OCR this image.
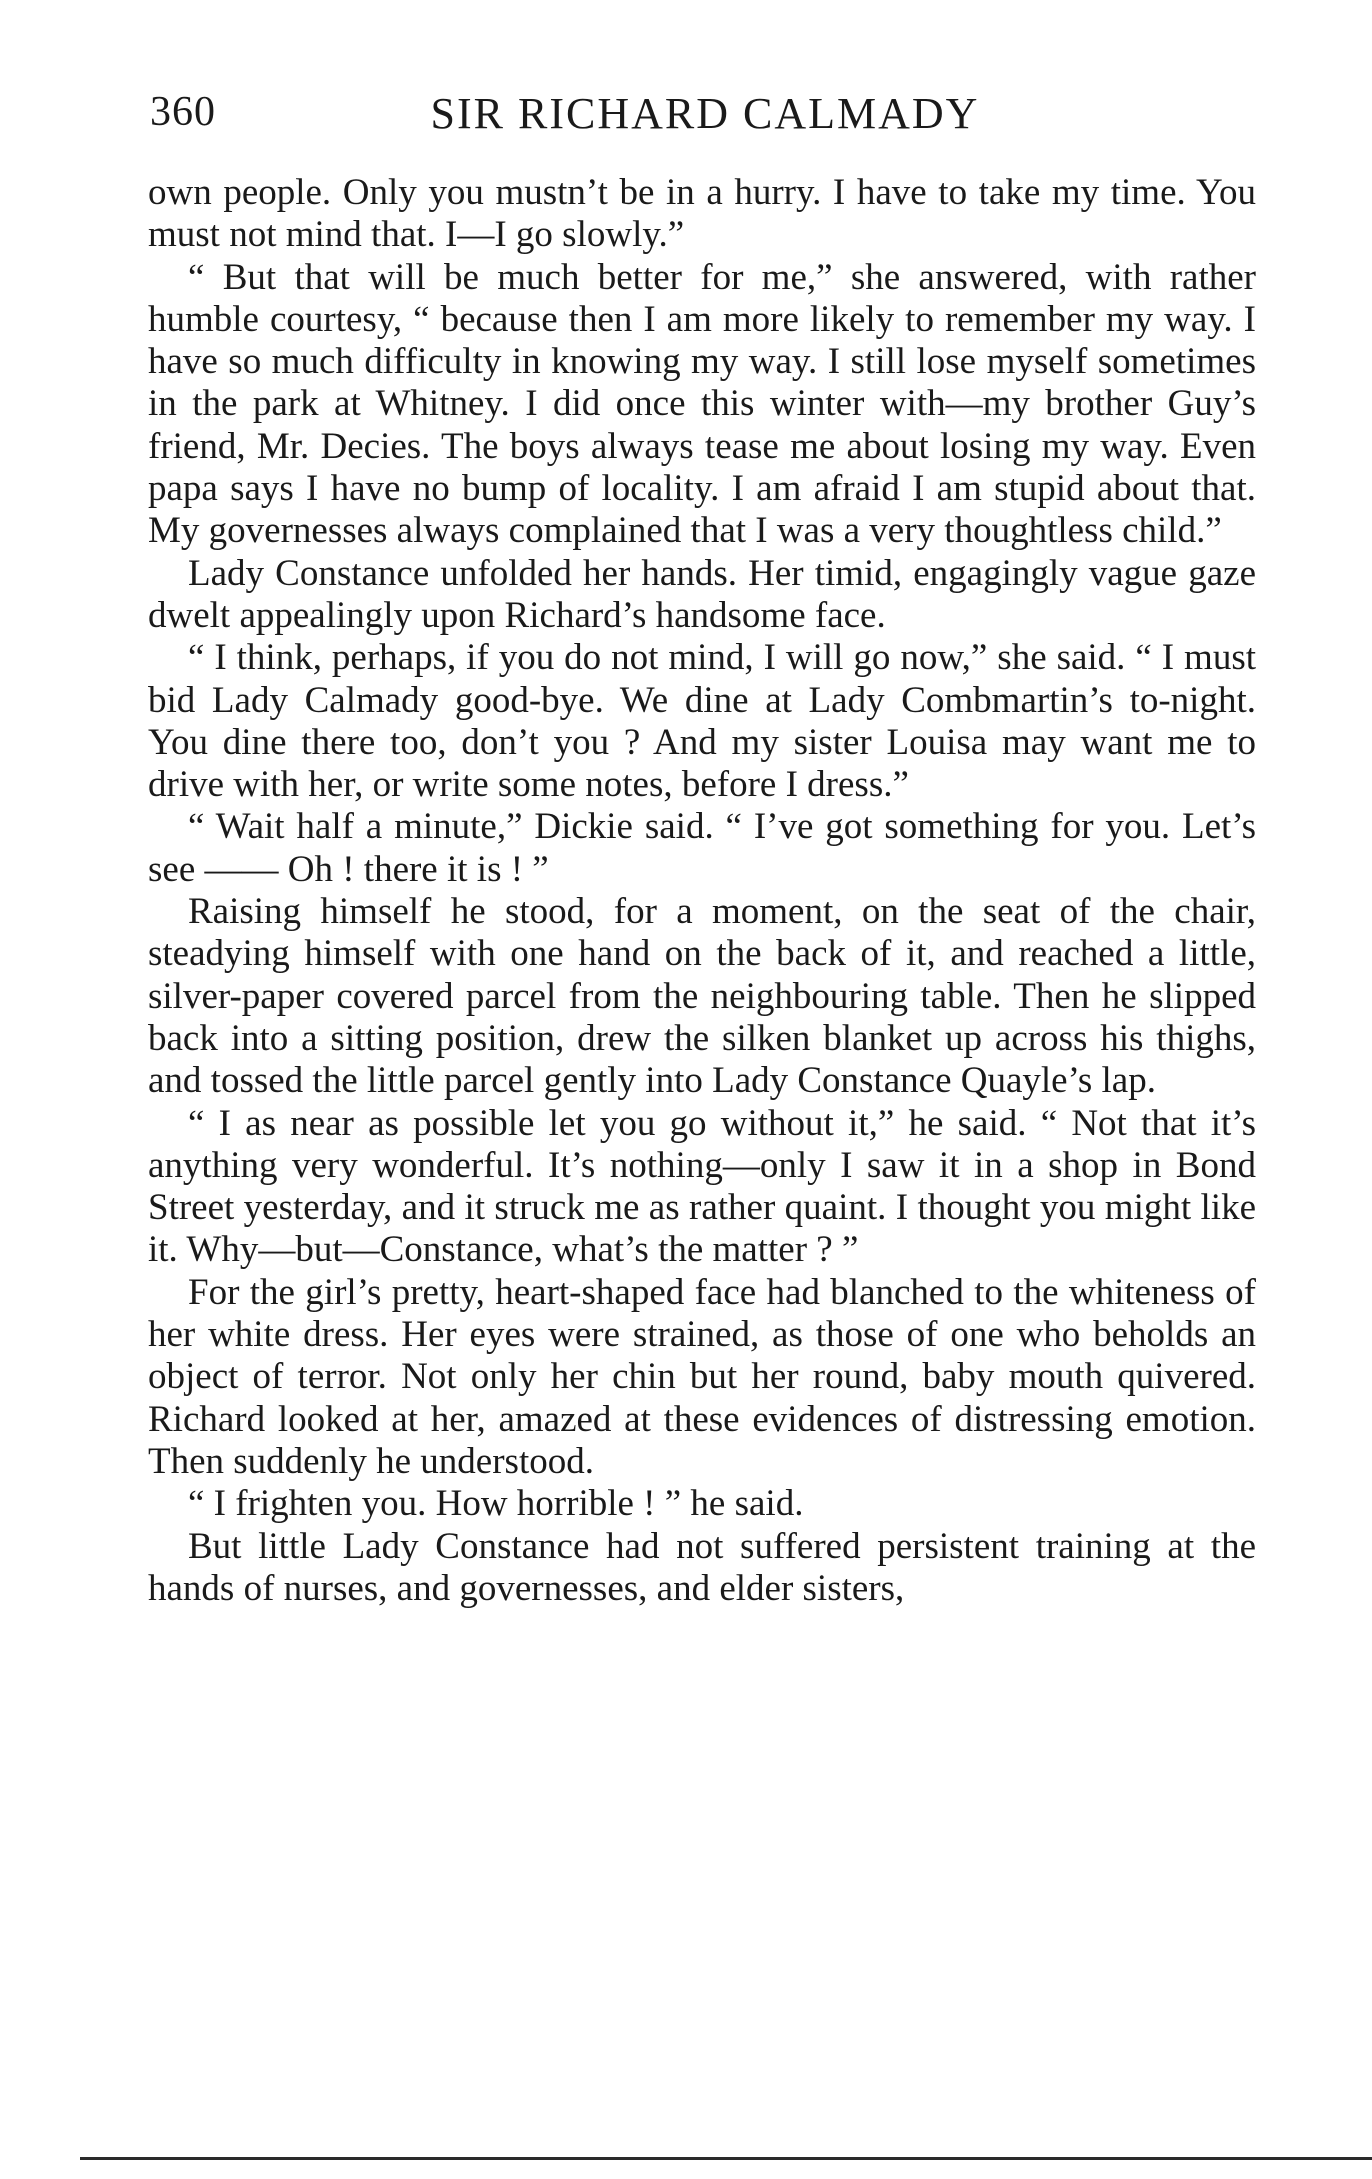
360	SIR RICHARD CALMADY

own people. Only you mustn’t be in a hurry. I have to take my time. You must not mind that. I—I go slowly.”

“ But that will be much better for me,” she answered, with rather humble courtesy, “ because then I am more likely to remember my way. I have so much difficulty in knowing my way. I still lose myself sometimes in the park at Whitney. I did once this winter with—my brother Guy’s friend, Mr. Decies. The boys always tease me about losing my way. Even papa says I have no bump of locality. I am afraid I am stupid about that. My governesses always complained that I was a very thoughtless child.”

Lady Constance unfolded her hands. Her timid, engagingly vague gaze dwelt appealingly upon Richard’s handsome face.

“ I think, perhaps, if you do not mind, I will go now,” she said. “ I must bid Lady Calmady good-bye. We dine at Lady Combmartin’s to-night. You dine there too, don’t you ? And my sister Louisa may want me to drive with her, or write some notes, before I dress.”

“ Wait half a minute,” Dickie said. “ I’ve got something for you. Let’s see —— Oh ! there it is ! ”

Raising himself he stood, for a moment, on the seat of the chair, steadying himself with one hand on the back of it, and reached a little, silver-paper covered parcel from the neighbouring table. Then he slipped back into a sitting position, drew the silken blanket up across his thighs, and tossed the little parcel gently into Lady Constance Quayle’s lap.

“ I as near as possible let you go without it,” he said. “ Not that it’s anything very wonderful. It’s nothing—only I saw it in a shop in Bond Street yesterday, and it struck me as rather quaint. I thought you might like it. Why—but—Constance, what’s the matter ? ”

For the girl’s pretty, heart-shaped face had blanched to the whiteness of her white dress. Her eyes were strained, as those of one who beholds an object of terror. Not only her chin but her round, baby mouth quivered. Richard looked at her, amazed at these evidences of distressing emotion. Then suddenly he understood.

“ I frighten you. How horrible ! ” he said.

But little Lady Constance had not suffered persistent training at the hands of nurses, and governesses, and elder sisters,
